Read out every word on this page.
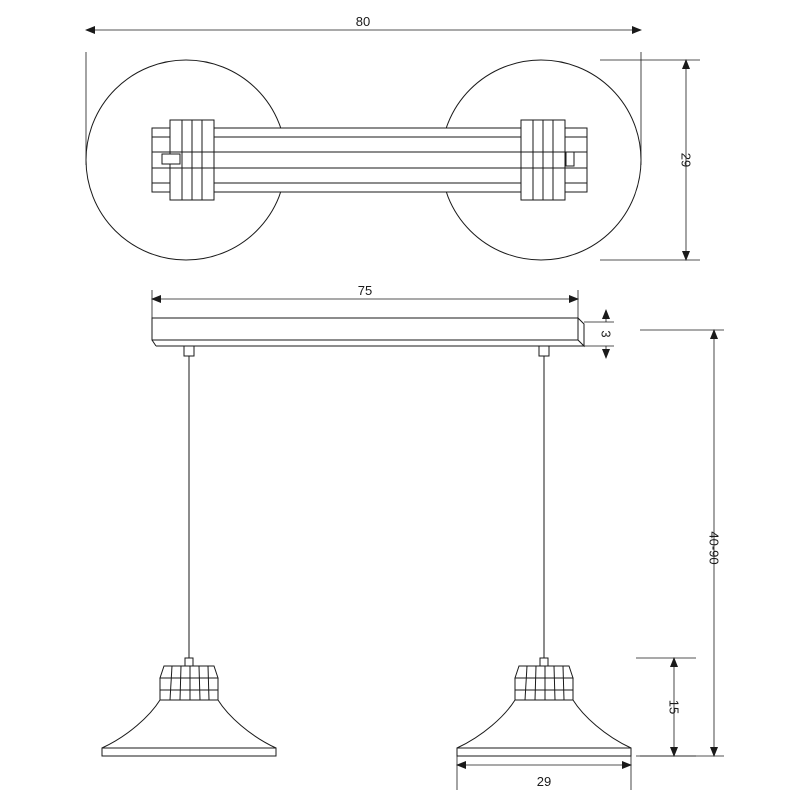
80
29
75
3
40-90
15
29
